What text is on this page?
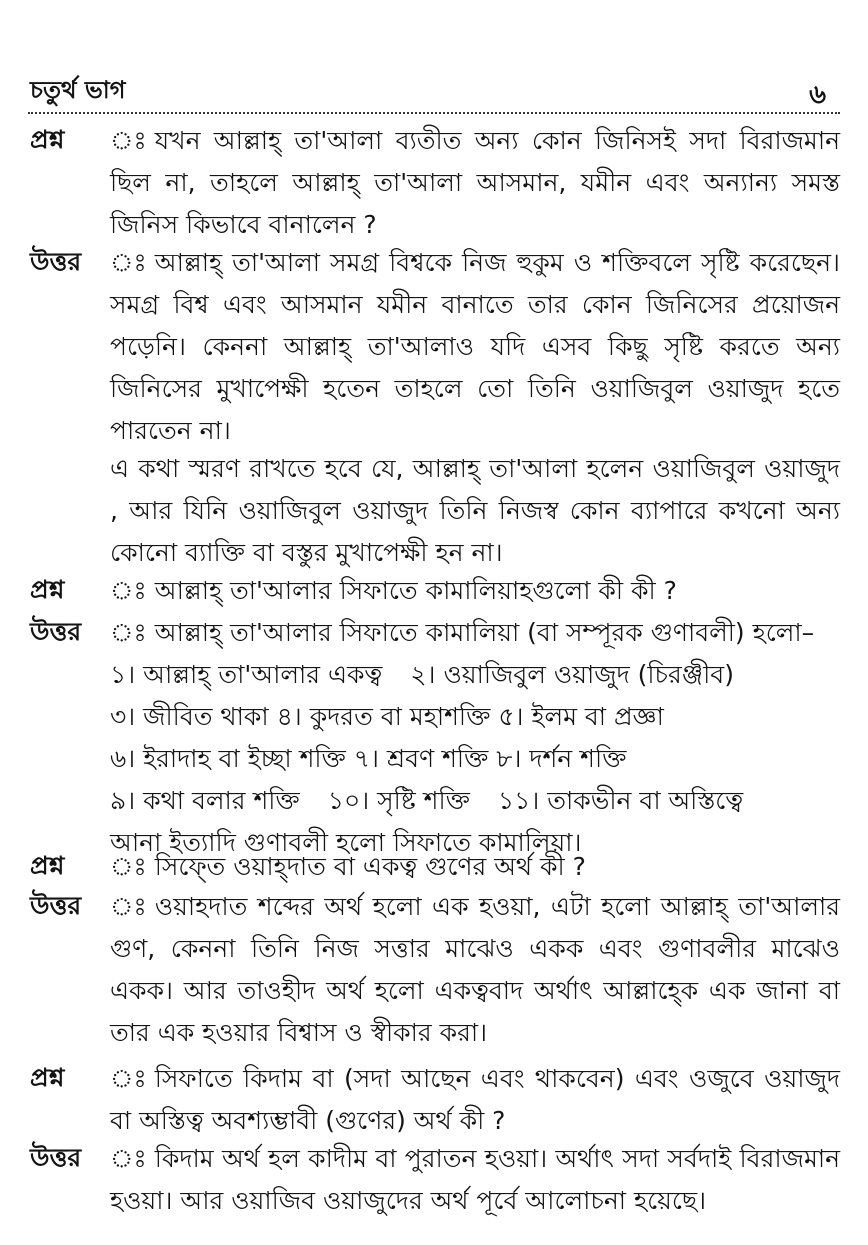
চতুর্থ ভাগ	৬
প্রশ্ন	ঃ যখন আল্লাহ্ তা'আলা ব্যতীত অন্য কোন জিনিসই সদা বিরাজমান ছিল না, তাহলে আল্লাহ্ তা'আলা আসমান, যমীন এবং অন্যান্য সমস্ত জিনিস কিভাবে বানালেন ?
উত্তর	ঃ আল্লাহ্ তা'আলা সমগ্র বিশ্বকে নিজ হুকুম ও শক্তিবলে সৃষ্টি করেছেন। সমগ্র বিশ্ব এবং আসমান যমীন বানাতে তার কোন জিনিসের প্রয়োজন পড়েনি। কেননা আল্লাহ্ তা'আলাও যদি এসব কিছু সৃষ্টি করতে অন্য জিনিসের মুখাপেক্ষী হতেন তাহলে তো তিনি ওয়াজিবুল ওয়াজুদ হতে পারতেন না।
এ কথা স্মরণ রাখতে হবে যে, আল্লাহ্ তা'আলা হলেন ওয়াজিবুল ওয়াজুদ , আর যিনি ওয়াজিবুল ওয়াজুদ তিনি নিজস্ব কোন ব্যাপারে কখনো অন্য কোনো ব্যাক্তি বা বস্তুর মুখাপেক্ষী হন না।
প্রশ্ন	ঃ আল্লাহ্ তা'আলার সিফাতে কামালিয়াহগুলো কী কী ?
উত্তর	ঃ আল্লাহ্ তা'আলার সিফাতে কামালিয়া (বা সম্পূরক গুণাবলী) হলো–
১। আল্লাহ্ তা'আলার একত্ব ২। ওয়াজিবুল ওয়াজুদ (চিরঞ্জীব)
৩। জীবিত থাকা ৪। কুদরত বা মহাশক্তি ৫। ইলম বা প্রজ্ঞা
৬। ইরাদাহ বা ইচ্ছা শক্তি ৭। শ্রবণ শক্তি ৮। দর্শন শক্তি
৯। কথা বলার শক্তি ১০। সৃষ্টি শক্তি ১১। তাকভীন বা অস্তিত্বে
আনা ইত্যাদি গুণাবলী হলো সিফাতে কামালিয়া।
প্রশ্ন	ঃ সিফ্তে ওয়াহ্দাত বা একত্ব গুণের অর্থ কী ?
উত্তর	ঃ ওয়াহদাত শব্দের অর্থ হলো এক হওয়া, এটা হলো আল্লাহ্ তা'আলার গুণ, কেননা তিনি নিজ সত্তার মাঝেও একক এবং গুণাবলীর মাঝেও একক। আর তাওহীদ অর্থ হলো একত্ববাদ অর্থাৎ আল্লাহ্কে এক জানা বা তার এক হওয়ার বিশ্বাস ও স্বীকার করা।
প্রশ্ন	ঃ সিফাতে কিদাম বা (সদা আছেন এবং থাকবেন) এবং ওজুবে ওয়াজুদ বা অস্তিত্ব অবশ্যম্ভাবী (গুণের) অর্থ কী ?
উত্তর	ঃ কিদাম অর্থ হল কাদীম বা পুরাতন হওয়া। অর্থাৎ সদা সর্বদাই বিরাজমান হওয়া। আর ওয়াজিব ওয়াজুদের অর্থ পূর্বে আলোচনা হয়েছে।
